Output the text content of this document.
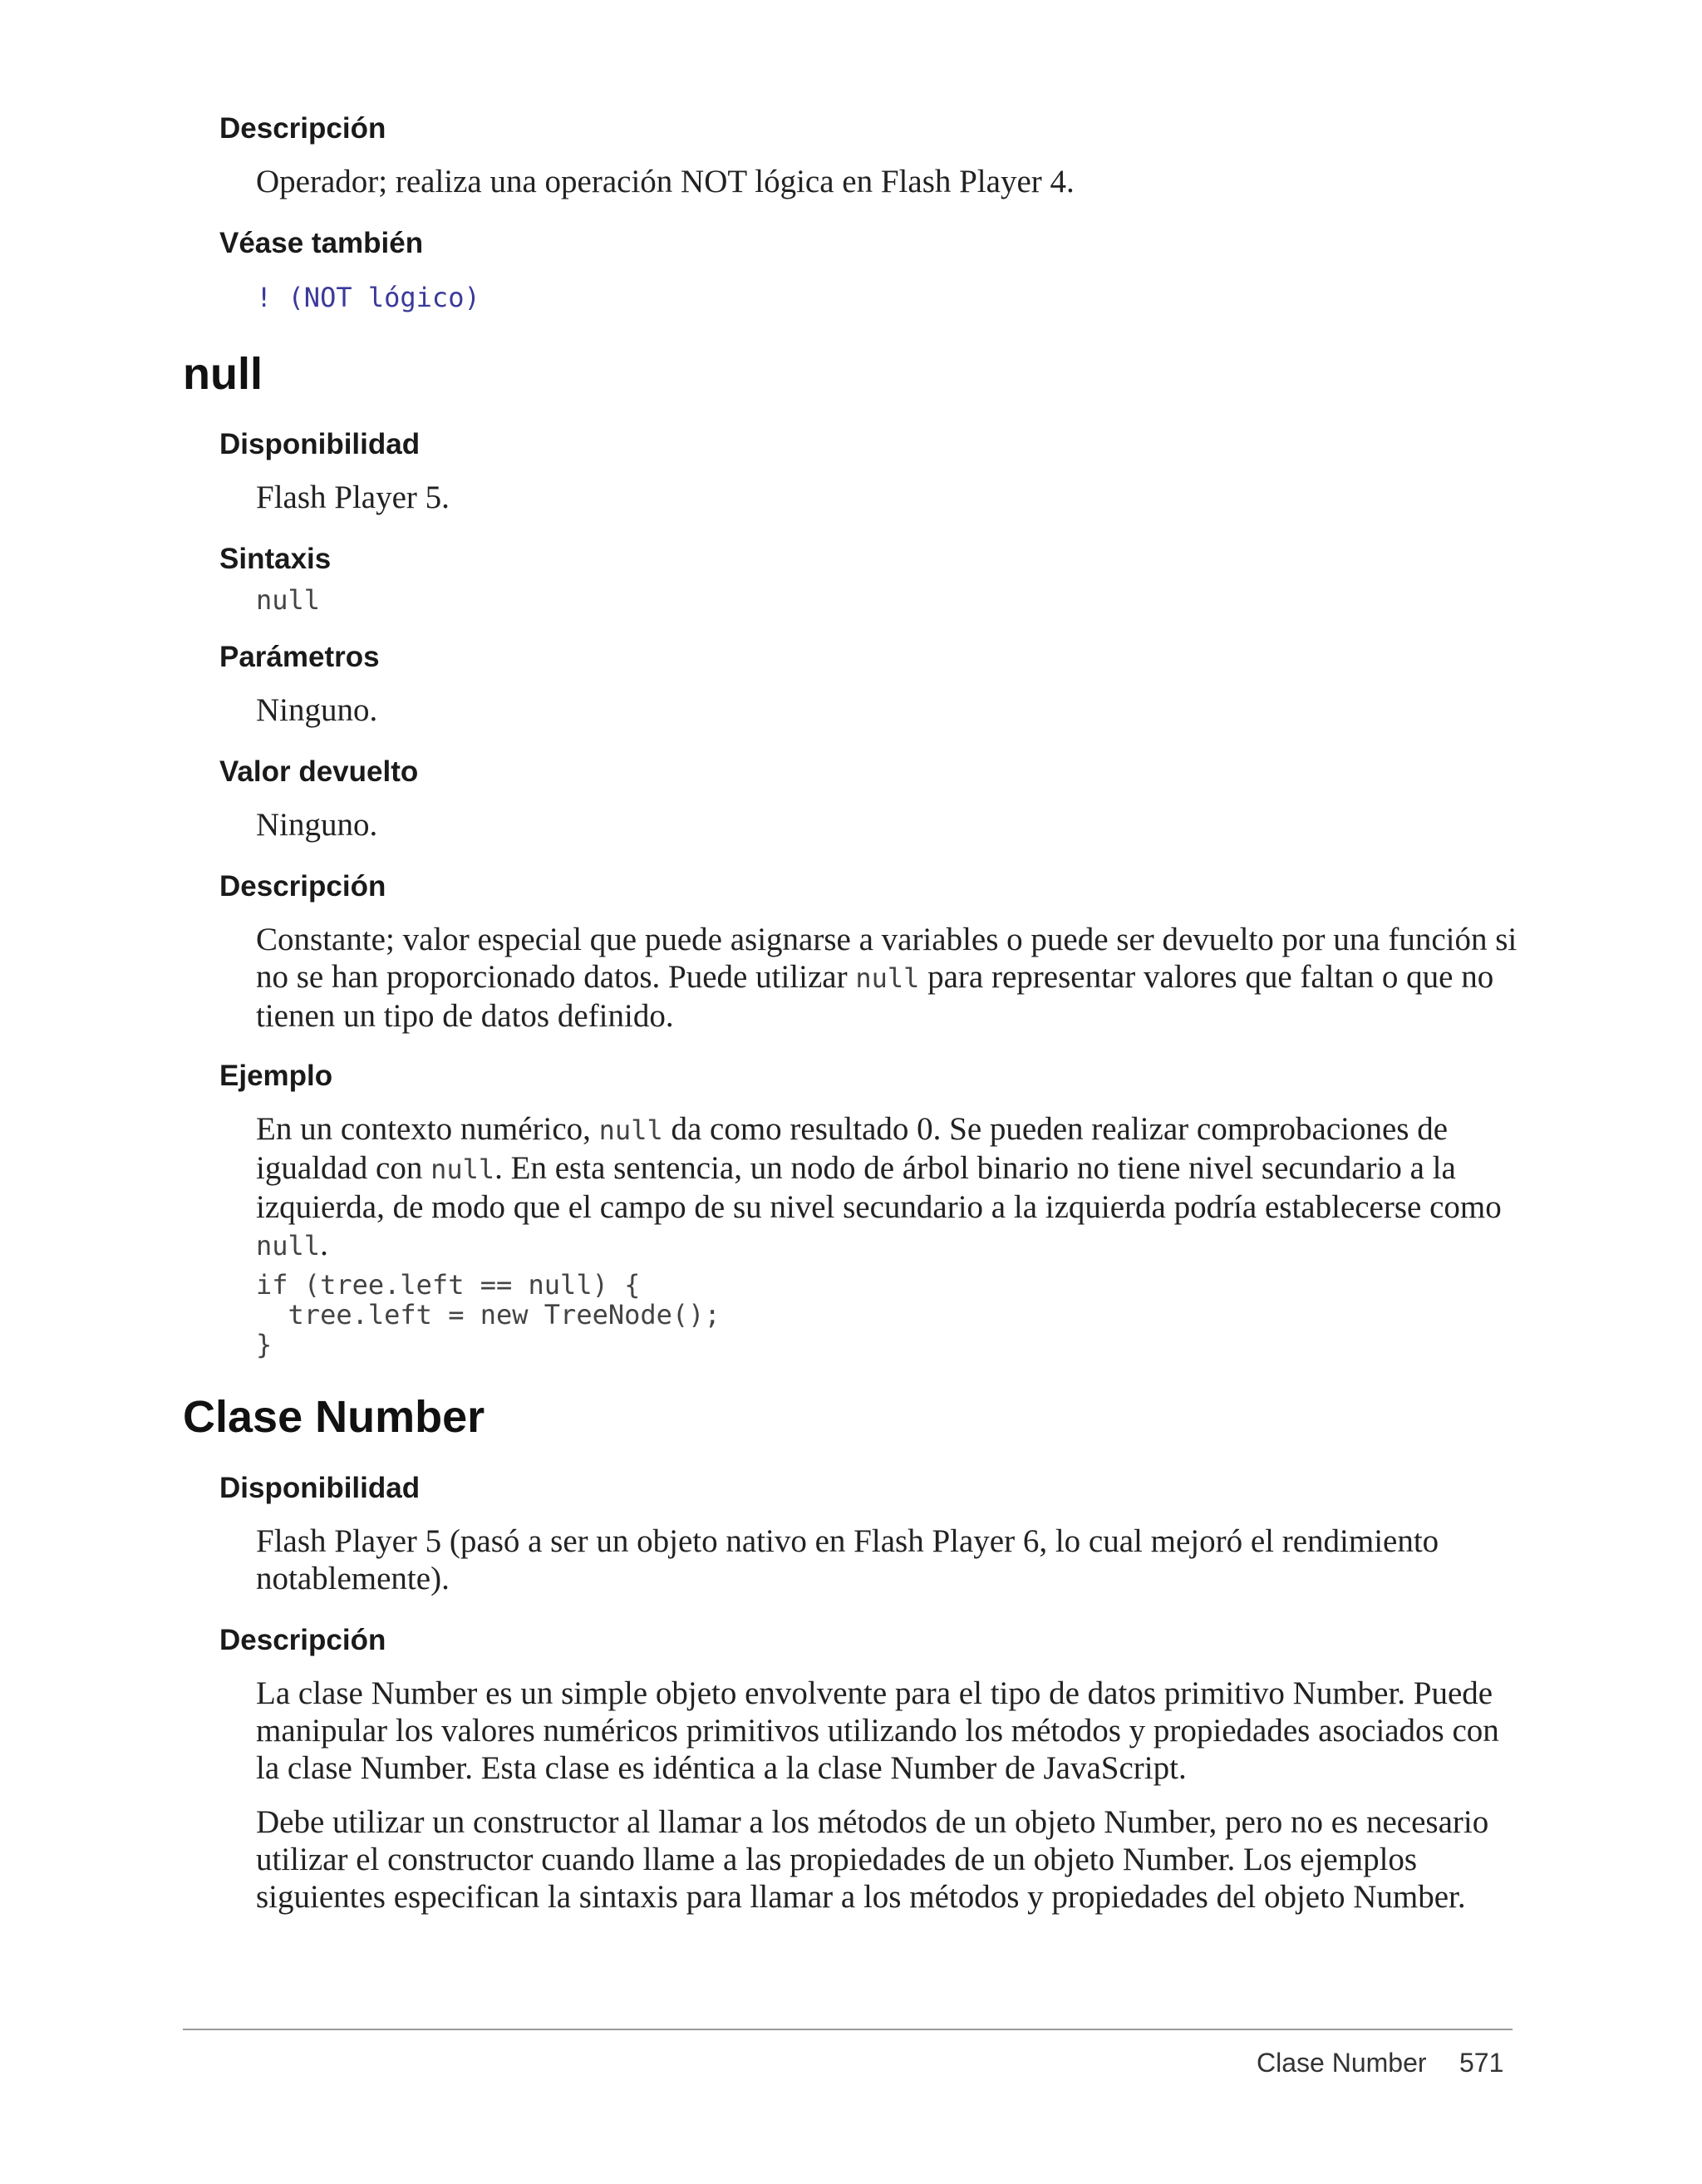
Descripción

Operador; realiza una operación NOT lógica en Flash Player 4.

Véase también
! (NOT lógico)
null
Disponibilidad

Flash Player 5.

Sintaxis
null
Parámetros

Ninguno.

Valor devuelto

Ninguno.

Descripción

Constante; valor especial que puede asignarse a variables o puede ser devuelto por una función si no se han proporcionado datos. Puede utilizar null para representar valores que faltan o que no tienen un tipo de datos definido.

Ejemplo

En un contexto numérico, null da como resultado 0. Se pueden realizar comprobaciones de igualdad con null. En esta sentencia, un nodo de árbol binario no tiene nivel secundario a la izquierda, de modo que el campo de su nivel secundario a la izquierda podría establecerse como null.

if (tree.left == null) {
tree.left = new TreeNode();
}
Clase Number
Disponibilidad

Flash Player 5 (pasó a ser un objeto nativo en Flash Player 6, lo cual mejoró el rendimiento notablemente).

Descripción

La clase Number es un simple objeto envolvente para el tipo de datos primitivo Number. Puede manipular los valores numéricos primitivos utilizando los métodos y propiedades asociados con la clase Number. Esta clase es idéntica a la clase Number de JavaScript.

Debe utilizar un constructor al llamar a los métodos de un objeto Number, pero no es necesario utilizar el constructor cuando llame a las propiedades de un objeto Number. Los ejemplos siguientes especifican la sintaxis para llamar a los métodos y propiedades del objeto Number.

Clase Number 571
